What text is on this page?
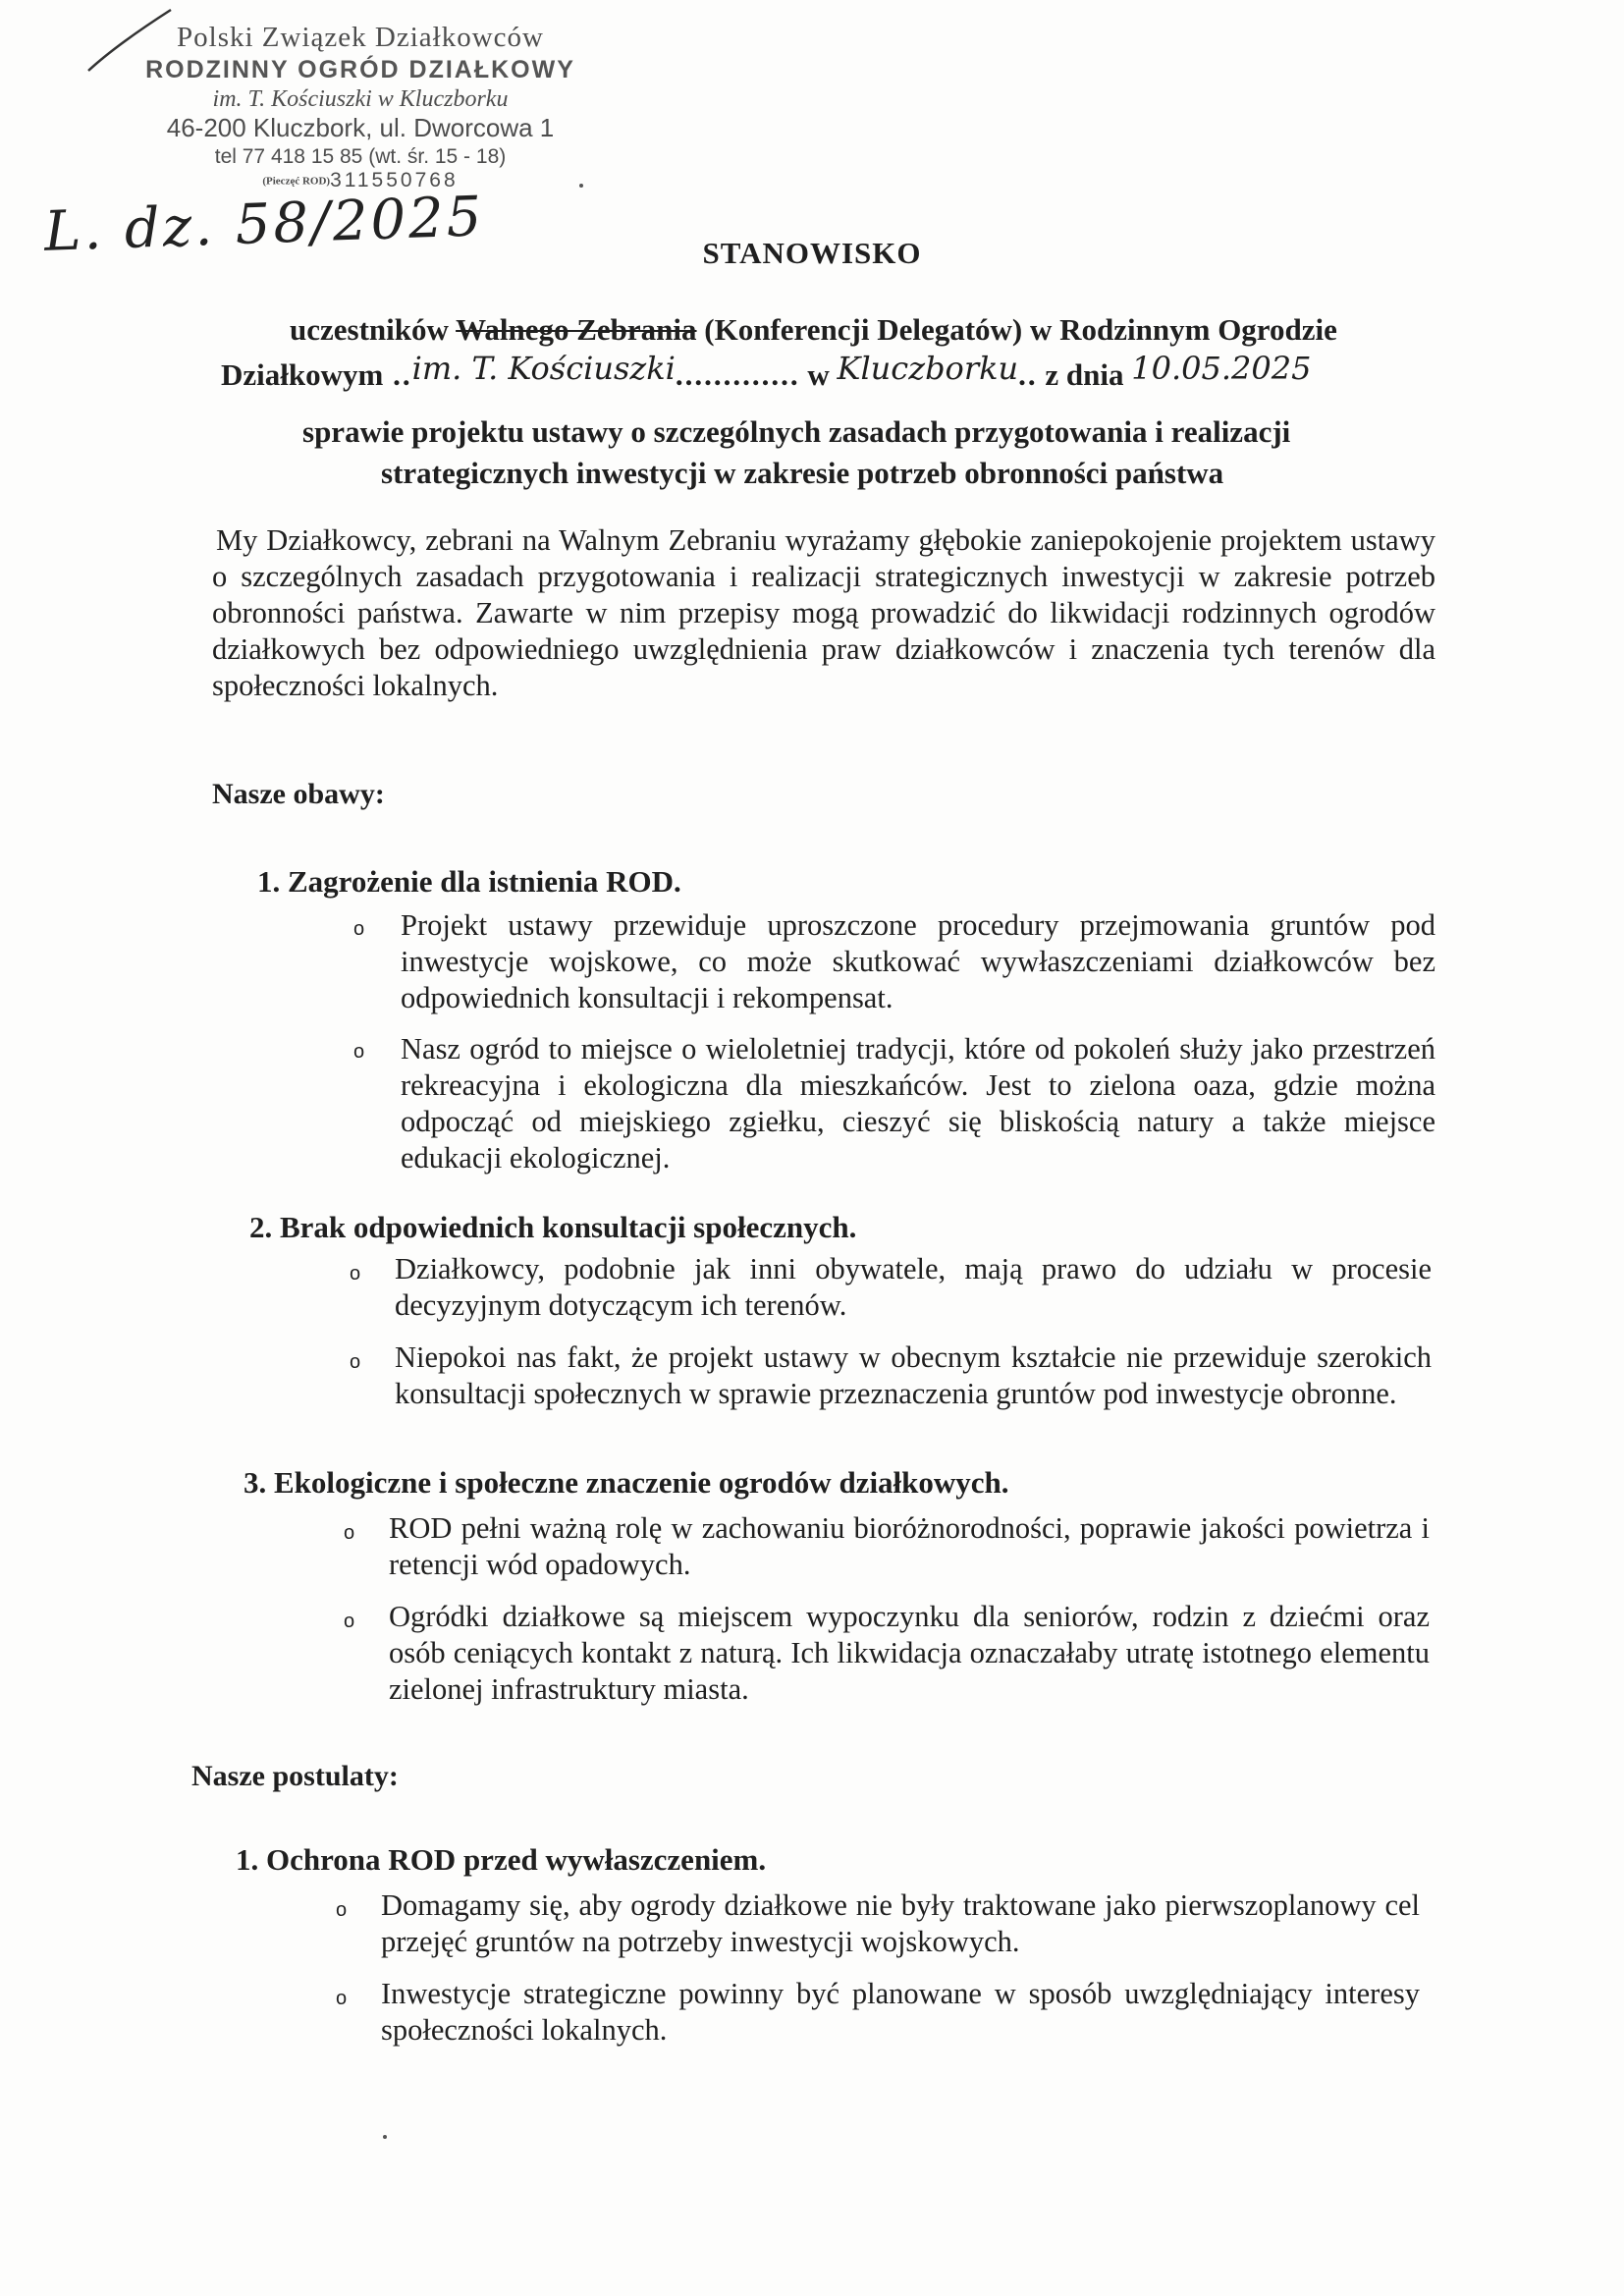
Polski Związek Działkowców
RODZINNY OGRÓD DZIAŁKOWY
im. T. Kościuszki w Kluczborku
46-200 Kluczbork, ul. Dworcowa 1
tel 77 418 15 85 (wt. śr. 15 - 18)
(Pieczęć ROD)311550768
L. dz. 58/2025	STANOWISKO
uczestników Walnego Zebrania (Konferencji Delegatów) w Rodzinnym Ogrodzie
Działkowym ..im. T. Kościuszki............. w Kluczborku.. z dnia 10.05.2025
sprawie projektu ustawy o szczególnych zasadach przygotowania i realizacji
strategicznych inwestycji w zakresie potrzeb obronności państwa
My Działkowcy, zebrani na Walnym Zebraniu wyrażamy głębokie zaniepokojenie projektem ustawy o szczególnych zasadach przygotowania i realizacji strategicznych inwestycji w zakresie potrzeb obronności państwa. Zawarte w nim przepisy mogą prowadzić do likwidacji rodzinnych ogrodów działkowych bez odpowiedniego uwzględnienia praw działkowców i znaczenia tych terenów dla społeczności lokalnych.
Nasze obawy:
1. Zagrożenie dla istnienia ROD.
o Projekt ustawy przewiduje uproszczone procedury przejmowania gruntów pod inwestycje wojskowe, co może skutkować wywłaszczeniami działkowców bez odpowiednich konsultacji i rekompensat.
o Nasz ogród to miejsce o wieloletniej tradycji, które od pokoleń służy jako przestrzeń rekreacyjna i ekologiczna dla mieszkańców. Jest to zielona oaza, gdzie można odpocząć od miejskiego zgiełku, cieszyć się bliskością natury a także miejsce edukacji ekologicznej.
2. Brak odpowiednich konsultacji społecznych.
o Działkowcy, podobnie jak inni obywatele, mają prawo do udziału w procesie decyzyjnym dotyczącym ich terenów.
o Niepokoi nas fakt, że projekt ustawy w obecnym kształcie nie przewiduje szerokich konsultacji społecznych w sprawie przeznaczenia gruntów pod inwestycje obronne.
3. Ekologiczne i społeczne znaczenie ogrodów działkowych.
o ROD pełni ważną rolę w zachowaniu bioróżnorodności, poprawie jakości powietrza i retencji wód opadowych.
o Ogródki działkowe są miejscem wypoczynku dla seniorów, rodzin z dziećmi oraz osób ceniących kontakt z naturą. Ich likwidacja oznaczałaby utratę istotnego elementu zielonej infrastruktury miasta.
Nasze postulaty:
1. Ochrona ROD przed wywłaszczeniem.
o Domagamy się, aby ogrody działkowe nie były traktowane jako pierwszoplanowy cel przejęć gruntów na potrzeby inwestycji wojskowych.
o Inwestycje strategiczne powinny być planowane w sposób uwzględniający interesy społeczności lokalnych.
